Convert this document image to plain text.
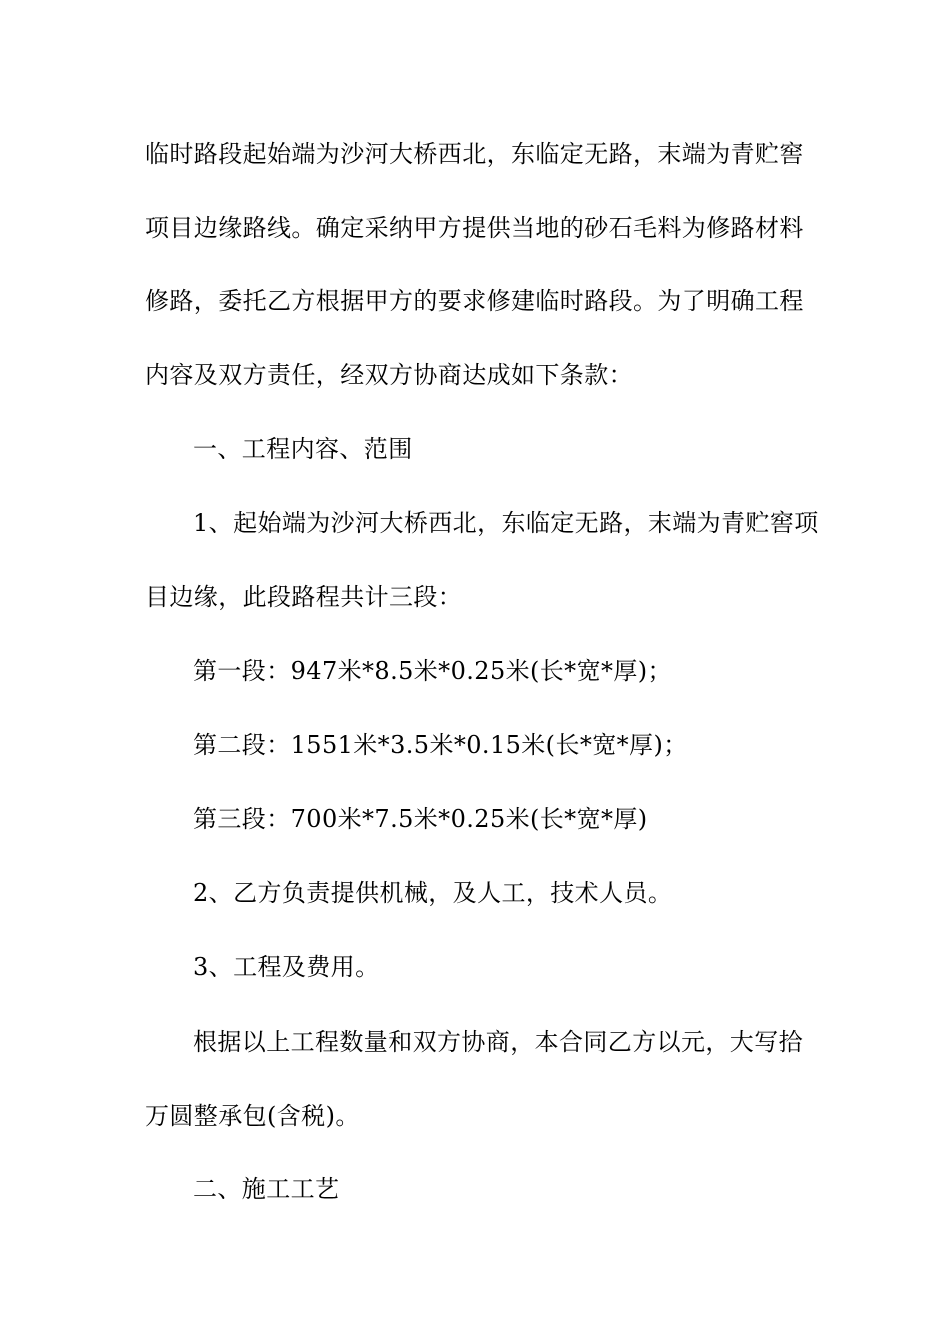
临时路段起始端为沙河大桥西北，东临定无路，末端为青贮窖
项目边缘路线。确定采纳甲方提供当地的砂石毛料为修路材料
修路，委托乙方根据甲方的要求修建临时路段。为了明确工程
内容及双方责任，经双方协商达成如下条款：
一、工程内容、范围
1、起始端为沙河大桥西北，东临定无路，末端为青贮窖项
目边缘，此段路程共计三段：
第一段：947米*8.5米*0.25米(长*宽*厚)；
第二段：1551米*3.5米*0.15米(长*宽*厚)；
第三段：700米*7.5米*0.25米(长*宽*厚)
2、乙方负责提供机械，及人工，技术人员。
3、工程及费用。
根据以上工程数量和双方协商，本合同乙方以元，大写拾
万圆整承包(含税)。
二、施工工艺
